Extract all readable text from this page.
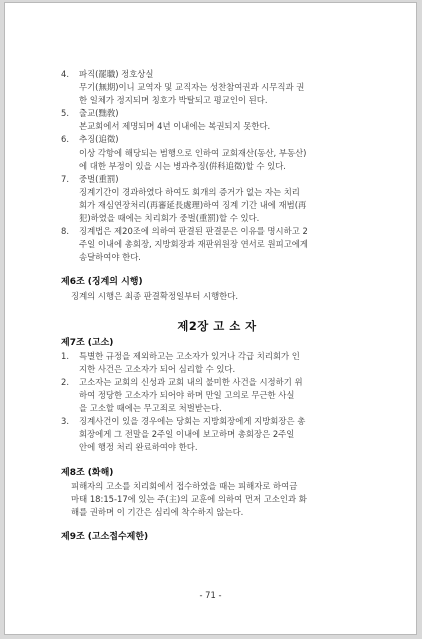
4. 파직(罷職) 정호상실
무기(無期)이니 교역자 및 교직자는 성찬참여권과 시무직과 권
한 일체가 정지되며 칭호가 박탈되고 평교인이 된다.
5. 출교(黜敎)
본교회에서 제명되며 4년 이내에는 복권되지 못한다.
6. 추징(追徵)
이상 각항에 해당되는 범행으로 인하여 교회재산(동산, 부동산)
에 대한 부정이 있을 시는 병과추징(倂科追徵)할 수 있다.
7. 중벌(重罰)
징계기간이 경과하였다 하여도 회개의 증거가 없는 자는 치리
회가 재심연장처리(再審延長處理)하여 징계 기간 내에 재범(再
犯)하였을 때에는 치리회가 중벌(重罰)할 수 있다.
8. 징계법은 제20조에 의하여 판결된 판결문은 이유를 명시하고 2
주일 이내에 총회장, 지방회장과 재판위원장 연서로 원피고에게
송달하여야 한다.
제6조 (징계의 시행)
징계의 시행은 최종 판결확정일부터 시행한다.
제2장 고 소 자
제7조 (고소)
1. 특별한 규정을 제외하고는 고소자가 있거나 각급 치리회가 인
지한 사건은 고소자가 되어 심리할 수 있다.
2. 고소자는 교회의 신성과 교회 내의 불미한 사건을 시정하기 위
하여 정당한 고소자가 되어야 하며 만일 고의로 무근한 사실
을 고소할 때에는 무고죄로 처벌받는다.
3. 징계사건이 있을 경우에는 당회는 지방회장에게 지방회장은 총
회장에게 그 전말을 2주일 이내에 보고하며 총회장은 2주일
안에 행정 처리 완료하여야 한다.
제8조 (화해)
피해자의 고소를 치리회에서 접수하였을 때는 피해자로 하여금
마태 18:15-17에 있는 주(主)의 교훈에 의하여 먼저 고소인과 화
해를 권하며 이 기간은 심리에 착수하지 않는다.
제9조 (고소접수제한)
- 71 -
